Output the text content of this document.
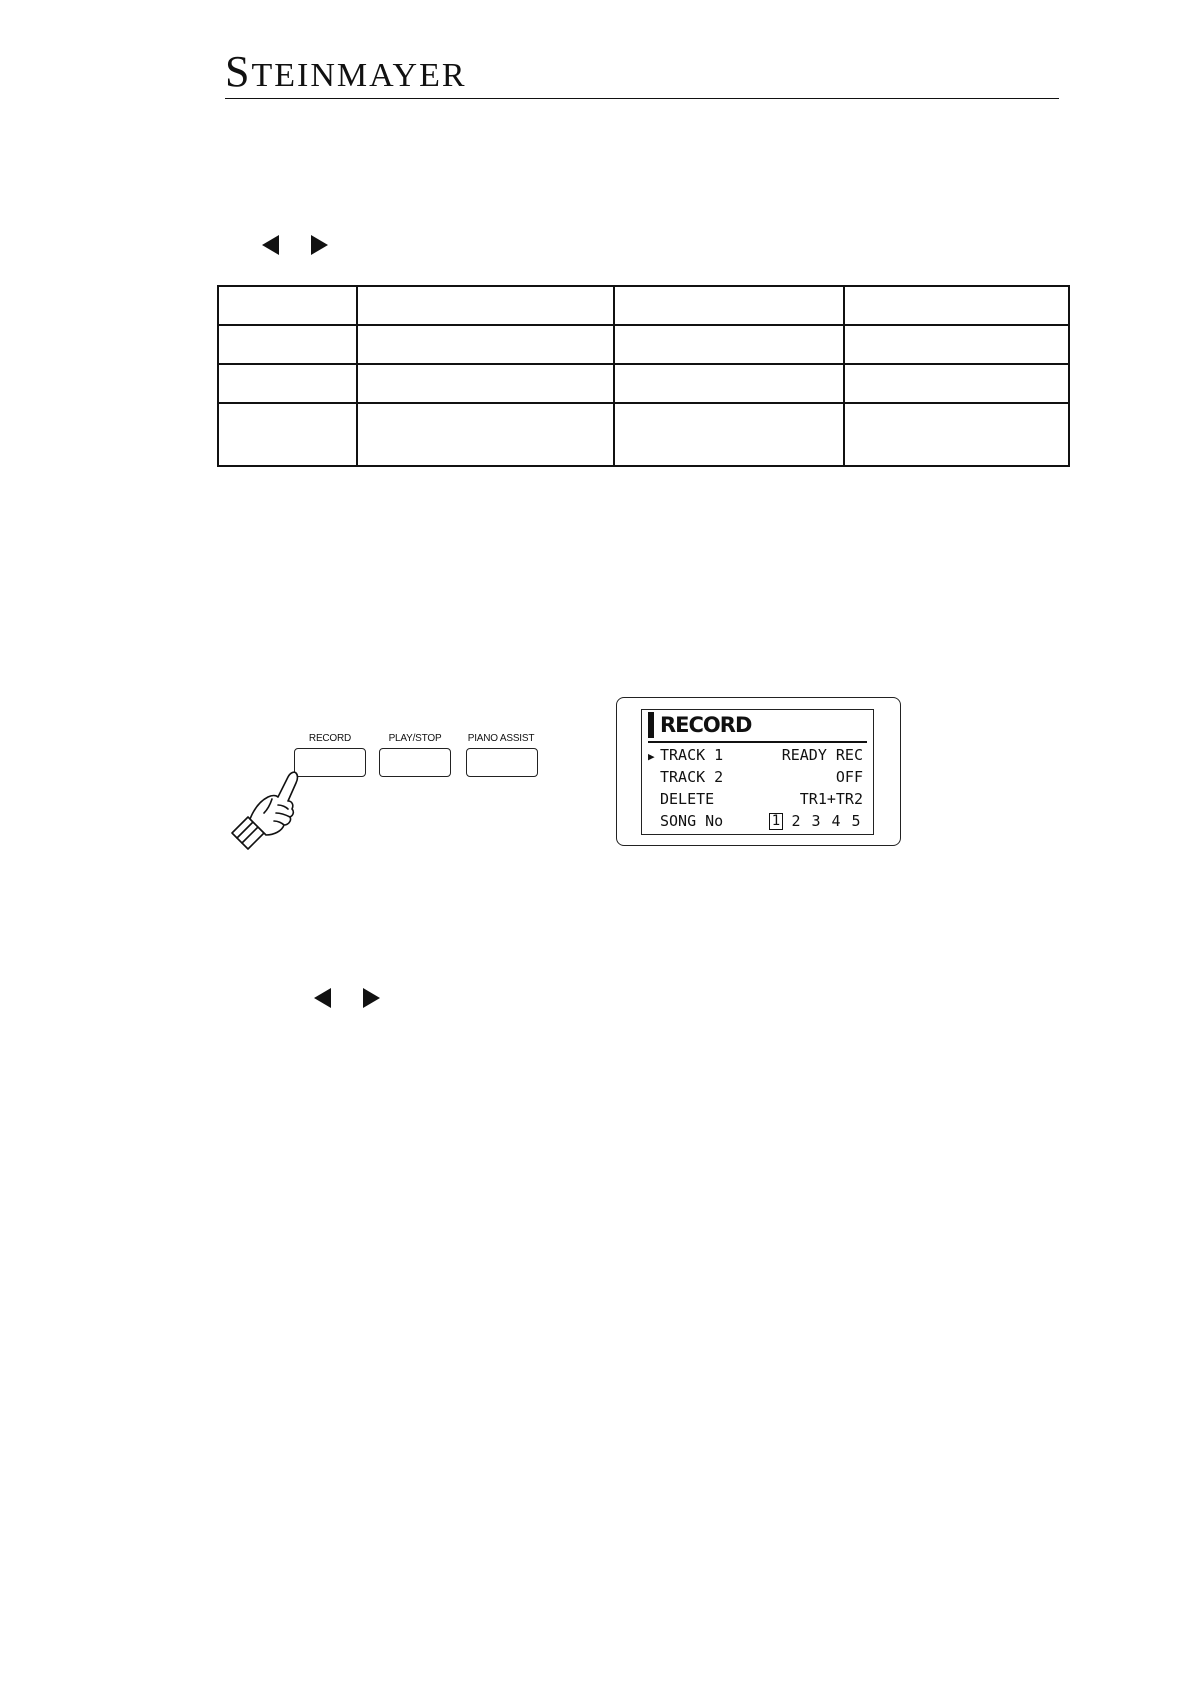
STEINMAYER

RECORD	PLAY/STOP	PIANO ASSIST
RECORD
▶ TRACK 1	READY REC
TRACK 2	OFF
DELETE	TR1+TR2
SONG No	1 2 3 4 5
